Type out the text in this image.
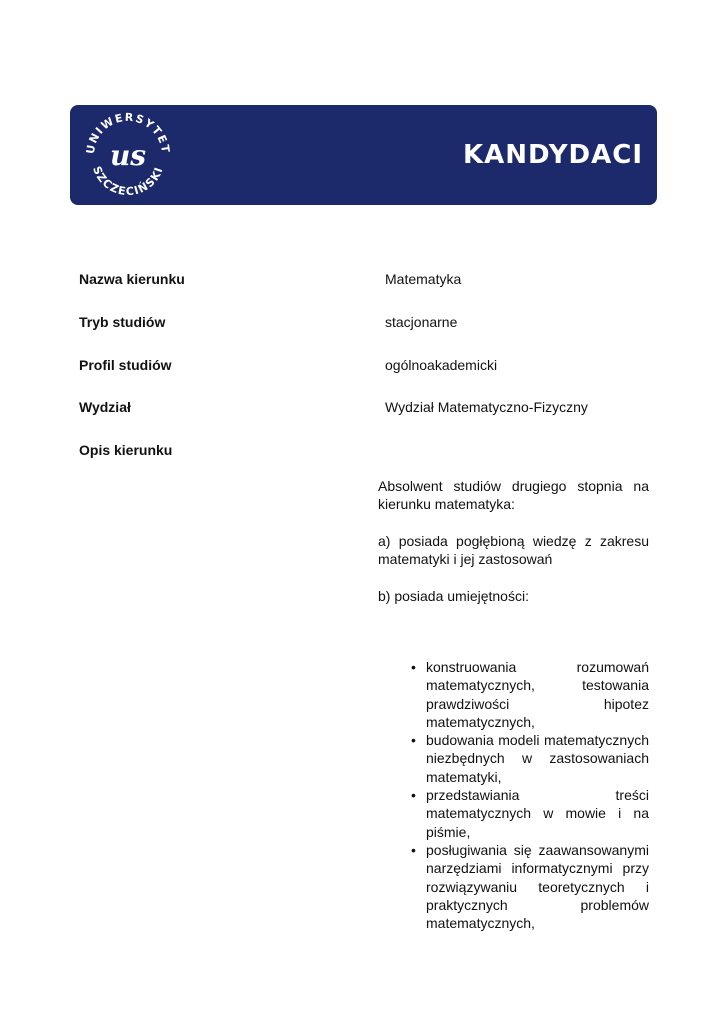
UNIWERSYTET
SZCZECIŃSKI
us	KANDYDACI
Nazwa kierunku	Matematyka
Tryb studiów	stacjonarne
Profil studiów	ogólnoakademicki
Wydział	Wydział Matematyczno-Fizyczny
Opis kierunku

Absolwent studiów drugiego stopnia na kierunku matematyka:

a) posiada pogłębioną wiedzę z zakresu matematyki i jej zastosowań

b) posiada umiejętności:

• konstruowania rozumowań matematycznych, testowania prawdziwości hipotez matematycznych,
• budowania modeli matematycznych niezbędnych w zastosowaniach matematyki,
• przedstawiania treści matematycznych w mowie i na piśmie,
• posługiwania się zaawansowanymi narzędziami informatycznymi przy rozwiązywaniu teoretycznych i praktycznych problemów matematycznych,
